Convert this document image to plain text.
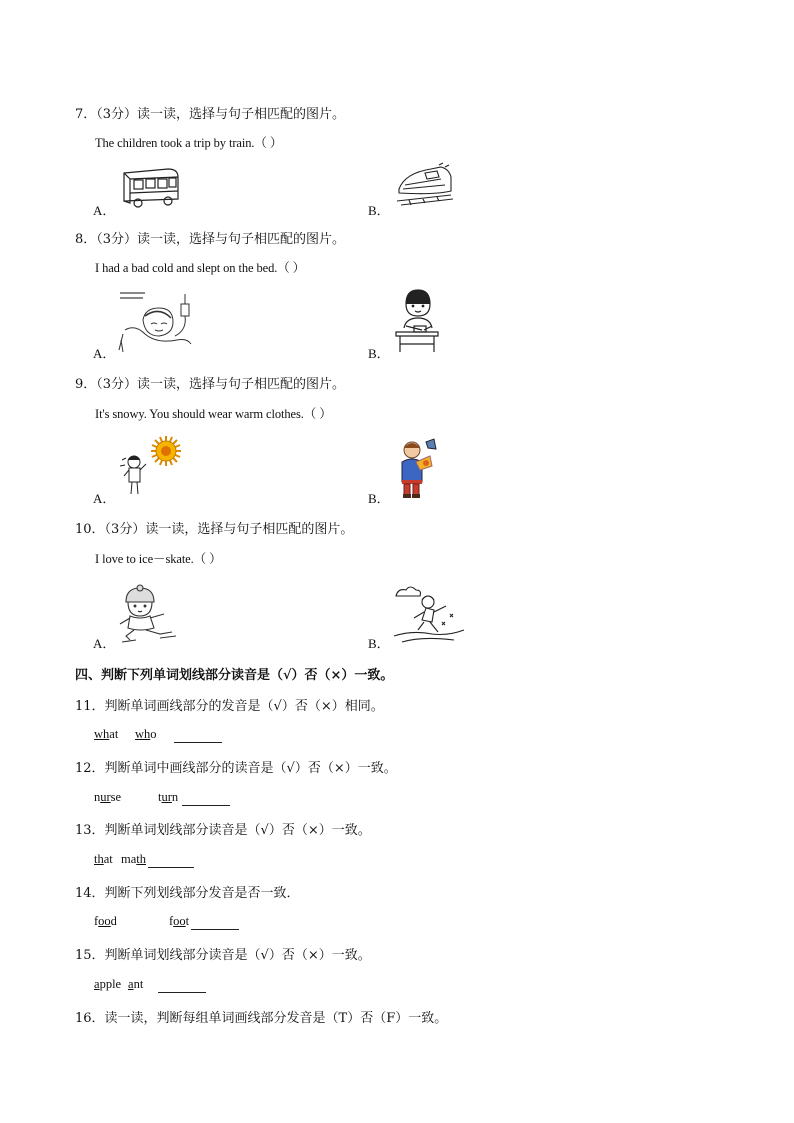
7．（3分）读一读，选择与句子相匹配的图片。
The children took a trip by train.（ ）
A．	B．
8．（3分）读一读，选择与句子相匹配的图片。
I had a bad cold and slept on the bed.（ ）
A．	B．
9．（3分）读一读，选择与句子相匹配的图片。
It's snowy. You should wear warm clothes.（ ）
A．	B．
10．（3分）读一读，选择与句子相匹配的图片。
I love to ice－skate.（ ）
A．	B．
四、判断下列单词划线部分读音是（√）否（×）一致。
11．判断单词画线部分的发音是（√）否（×）相同。
what who
12．判断单词中画线部分的读音是（√）否（×）一致。
nurse	turn
13．判断单词划线部分读音是（√）否（×）一致。
that math
14．判断下列划线部分发音是否一致．
food	foot
15．判断单词划线部分读音是（√）否（×）一致。
apple ant
16．读一读，判断每组单词画线部分发音是（T）否（F）一致。
